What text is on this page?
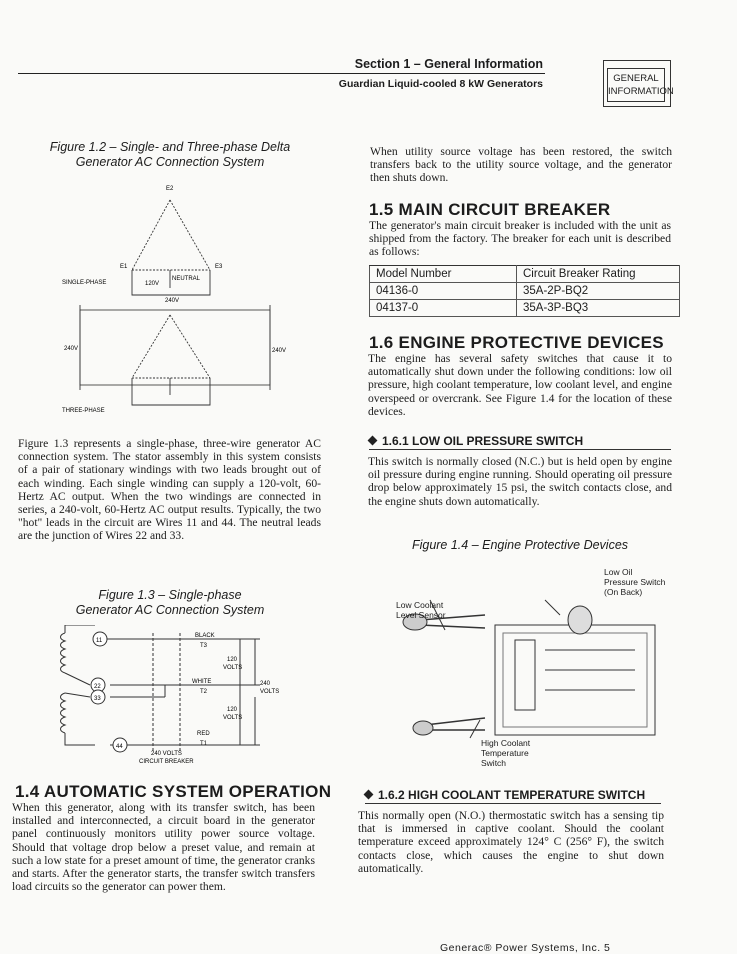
Section 1 – General Information
Guardian Liquid-cooled 8 kW Generators	GENERAL
INFORMATION
Figure 1.2 – Single- and Three-phase Delta
Generator AC Connection System
E2
E1	E3
NEUTRAL
120V
240V
SINGLE-PHASE
THREE-PHASE
240V	240V
Figure 1.3 represents a single-phase, three-wire generator AC connection system. The stator assembly in this system consists of a pair of stationary windings with two leads brought out of each winding. Each single winding can supply a 120-volt, 60-Hertz AC output. When the two windings are connected in series, a 240-volt, 60-Hertz AC output results. Typically, the two "hot" leads in the circuit are Wires 11 and 44. The neutral leads are the junction of Wires 22 and 33.
Figure 1.3 – Single-phase
Generator AC Connection System
11
22
33
44
BLACK
T3
WHITE
T2
RED
T1
120
VOLTS
240
VOLTS
120
VOLTS
240 VOLTS
CIRCUIT BREAKER
1.4 AUTOMATIC SYSTEM OPERATION
When this generator, along with its transfer switch, has been installed and interconnected, a circuit board in the generator panel continuously monitors utility power source voltage. Should that voltage drop below a preset value, and remain at such a low state for a preset amount of time, the generator cranks and starts. After the generator starts, the transfer switch transfers load circuits so the generator can power them.
When utility source voltage has been restored, the switch transfers back to the utility source voltage, and the generator then shuts down.
1.5 MAIN CIRCUIT BREAKER
The generator's main circuit breaker is included with the unit as shipped from the factory. The breaker for each unit is described as follows:
Model Number	Circuit Breaker Rating
04136-0	35A-2P-BQ2
04137-0	35A-3P-BQ3
1.6 ENGINE PROTECTIVE DEVICES
The engine has several safety switches that cause it to automatically shut down under the following conditions: low oil pressure, high coolant temperature, low coolant level, and engine overspeed or overcrank. See Figure 1.4 for the location of these devices.
1.6.1 LOW OIL PRESSURE SWITCH
This switch is normally closed (N.C.) but is held open by engine oil pressure during engine running. Should operating oil pressure drop below approximately 15 psi, the switch contacts close, and the engine shuts down automatically.
Figure 1.4 – Engine Protective Devices
Low Oil
Pressure Switch
(On Back)
Low Coolant
Level Sensor
High Coolant
Temperature
Switch
1.6.2 HIGH COOLANT TEMPERATURE SWITCH
This normally open (N.O.) thermostatic switch has a sensing tip that is immersed in captive coolant. Should the coolant temperature exceed approximately 124° C (256° F), the switch contacts close, which causes the engine to shut down automatically.
Generac® Power Systems, Inc. 5
